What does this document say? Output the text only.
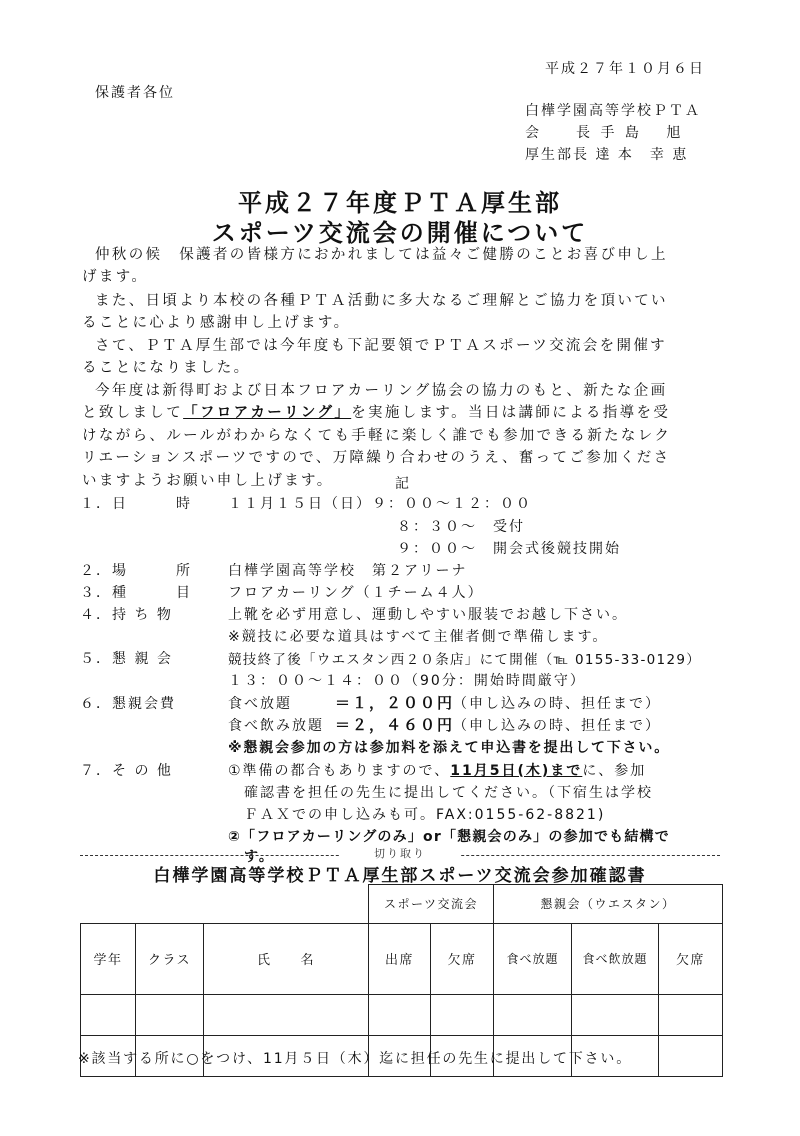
平成２７年１０月６日
保護者各位
白樺学園高等学校ＰＴＡ
会　　長 手 島　 旭
厚生部長 達 本　幸 恵
平成２７年度ＰＴＡ厚生部
スポーツ交流会の開催について
仲秋の候　保護者の皆様方におかれましては益々ご健勝のことお喜び申し上
げます。
また、日頃より本校の各種ＰＴＡ活動に多大なるご理解とご協力を頂いてい
ることに心より感謝申し上げます。
さて、ＰＴＡ厚生部では今年度も下記要領でＰＴＡスポーツ交流会を開催す
ることになりました。
今年度は新得町および日本フロアカーリング協会の協力のもと、新たな企画
と致しまして「フロアカーリング」を実施します。当日は講師による指導を受
けながら、ルールがわからなくても手軽に楽しく誰でも参加できる新たなレク
リエーションスポーツですので、万障繰り合わせのうえ、奮ってご参加くださ
いますようお願い申し上げます。	記
１．日　　　時	１１月１５日（日）９：００～１２：００
８：３０～　受付
９：００～　開会式後競技開始
２．場　　　所	白樺学園高等学校　第２アリーナ
３．種　　　目	フロアカーリング（１チーム４人）
４．持 ち 物	上靴を必ず用意し、運動しやすい服装でお越し下さい。
※競技に必要な道具はすべて主催者側で準備します。
５．懇 親 会	競技終了後「ウエスタン西２０条店」にて開催（℡ 0155-33-0129）
１３：００～１４：００（90分：開始時間厳守）
６．懇親会費	食べ放題	＝１，２００円
（申し込みの時、担任まで）
食べ飲み放題 ＝２，４６０円
（申し込みの時、担任まで）
※懇親会参加の方は参加料を添えて申込書を提出して下さい。
７．そ の 他	①準備の都合もありますので、11月5日(木)までに、参加
確認書を担任の先生に提出してください。（下宿生は学校
ＦＡＸでの申し込みも可。FAX:0155-62-8821)
②「フロアカーリングのみ」or「懇親会のみ」の参加でも結構で
す。	切り取り
白樺学園高等学校ＰＴＡ厚生部スポーツ交流会参加確認書
			スポーツ交流会		懇親会（ウエスタン）		
学年	クラス	氏　　名	出席	欠席	食べ放題	食べ飲放題	欠席

※該当する所に○をつけ、11月５日（木）迄に担任の先生に提出して下さい。
